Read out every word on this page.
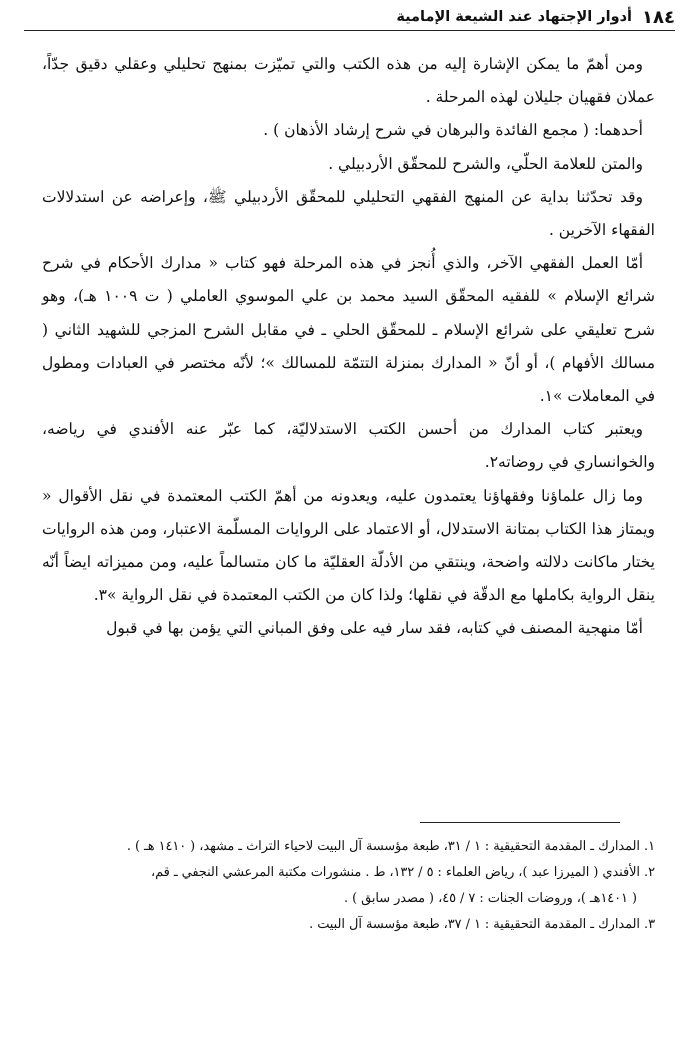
١٨٤
أدوار الإجتهاد عند الشيعة الإمامية

ومن أهمّ ما يمكن الإشارة إليه من هذه الكتب والتي تميّزت بمنهج تحليلي وعقلي دقيق جدّاً، عملان فقهيان جليلان لهذه المرحلة .

أحدهما: ( مجمع الفائدة والبرهان في شرح إرشاد الأذهان ) .

والمتن للعلامة الحلّي، والشرح للمحقّق الأردبيلي .

وقد تحدّثنا بداية عن المنهج الفقهي التحليلي للمحقّق الأردبيلي ﷺ، وإعراضه عن استدلالات الفقهاء الآخرين .

أمّا العمل الفقهي الآخر، والذي أُنجز في هذه المرحلة فهو كتاب « مدارك الأحكام في شرح شرائع الإسلام » للفقيه المحقّق السيد محمد بن علي الموسوي العاملي ( ت ١٠٠٩ هـ)، وهو شرح تعليقي على شرائع الإسلام ـ للمحقّق الحلي ـ في مقابل الشرح المزجي للشهيد الثاني ( مسالك الأفهام )، أو أنّ « المدارك بمنزلة التتمّة للمسالك »؛ لأنّه مختصر في العبادات ومطول في المعاملات »١.

ويعتبر كتاب المدارك من أحسن الكتب الاستدلاليّة، كما عبّر عنه الأفندي في رياضه، والخوانساري في روضاته٢.

وما زال علماؤنا وفقهاؤنا يعتمدون عليه، ويعدونه من أهمّ الكتب المعتمدة في نقل الأقوال « ويمتاز هذا الكتاب بمتانة الاستدلال، أو الاعتماد على الروايات المسلّمة الاعتبار، ومن هذه الروايات يختار ماكانت دلالته واضحة، وينتقي من الأدلّة العقليّة ما كان متسالماً عليه، ومن مميزاته ايضاً أنّه ينقل الرواية بكاملها مع الدقّة في نقلها؛ ولذا كان من الكتب المعتمدة في نقل الرواية »٣.

أمّا منهجية المصنف في كتابه، فقد سار فيه على وفق المباني التي يؤمن بها في قبول

١. المدارك ـ المقدمة التحقيقية : ١ / ٣١، طبعة مؤسسة آل البيت لاحياء التراث ـ مشهد، ( ١٤١٠ هـ ) .

٢. الأفندي ( الميرزا عبد )، رياض العلماء : ٥ / ١٣٢، ط . منشورات مكتبة المرعشي النجفي ـ قم،

( ١٤٠١هـ )، وروضات الجنات : ٧ / ٤٥، ( مصدر سابق ) .

٣. المدارك ـ المقدمة التحقيقية : ١ / ٣٧، طبعة مؤسسة آل البيت .
